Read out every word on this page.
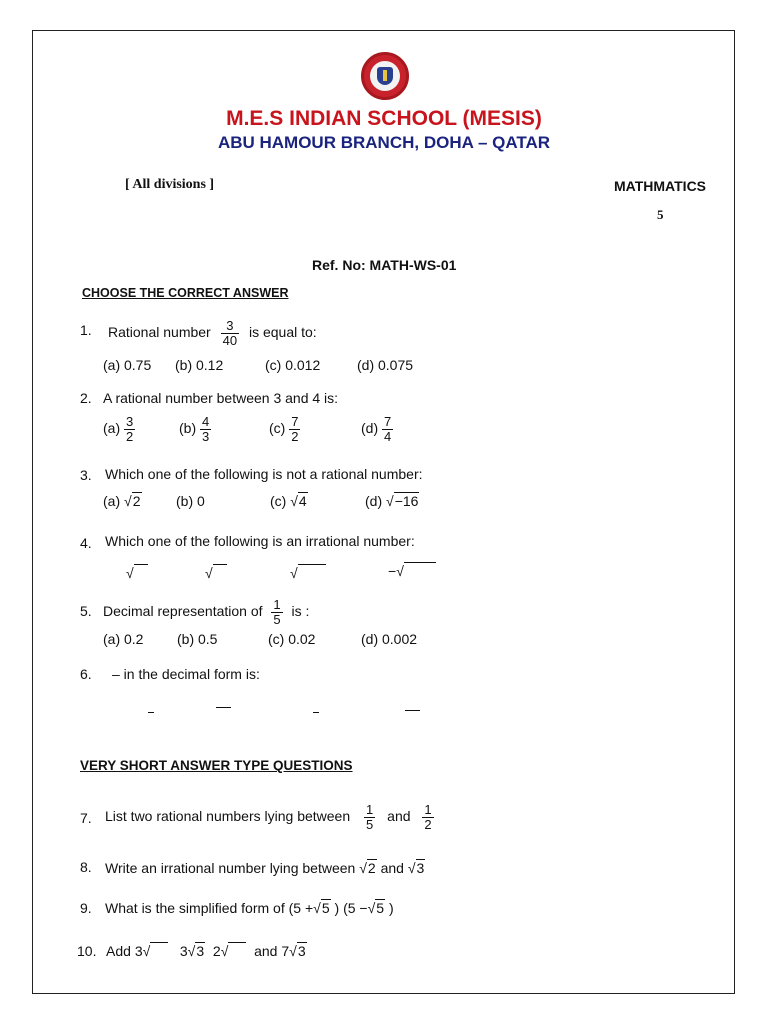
M.E.S INDIAN SCHOOL (MESIS)
ABU HAMOUR BRANCH, DOHA – QATAR
[ All divisions ]	MATHMATICS
5
Ref. No: MATH-WS-01
CHOOSE THE CORRECT ANSWER
1. Rational number $\frac{3}{40}$ is equal to:
(a) 0.75 (b) 0.12	(c) 0.012	(d) 0.075
2. A rational number between 3 and 4 is:
$(a) \frac{3}{2}$	$(b) \frac{4}{3}$	$(c) \frac{7}{2}$	$(d) \frac{7}{4}$
3. Which one of the following is not a rational number:
(a) √2	(b) 0	(c) √4	(d) √−16
4. Which one of the following is an irrational number:
√	√	√	−√
5. Decimal representation of $\frac{1}{5}$ is :
(a) 0.2 (b) 0.5	(c) 0.02	(d) 0.002
6. – in the decimal form is:
VERY SHORT ANSWER TYPE QUESTIONS
7. List two rational numbers lying between $\frac{1}{5}$ and $\frac{1}{2}$
8. Write an irrational number lying between √2 and √3
9. What is the simplified form of (5 +√5 ) (5 −√5 )
10. Add 3√ 3√3 2√ and 7√3
